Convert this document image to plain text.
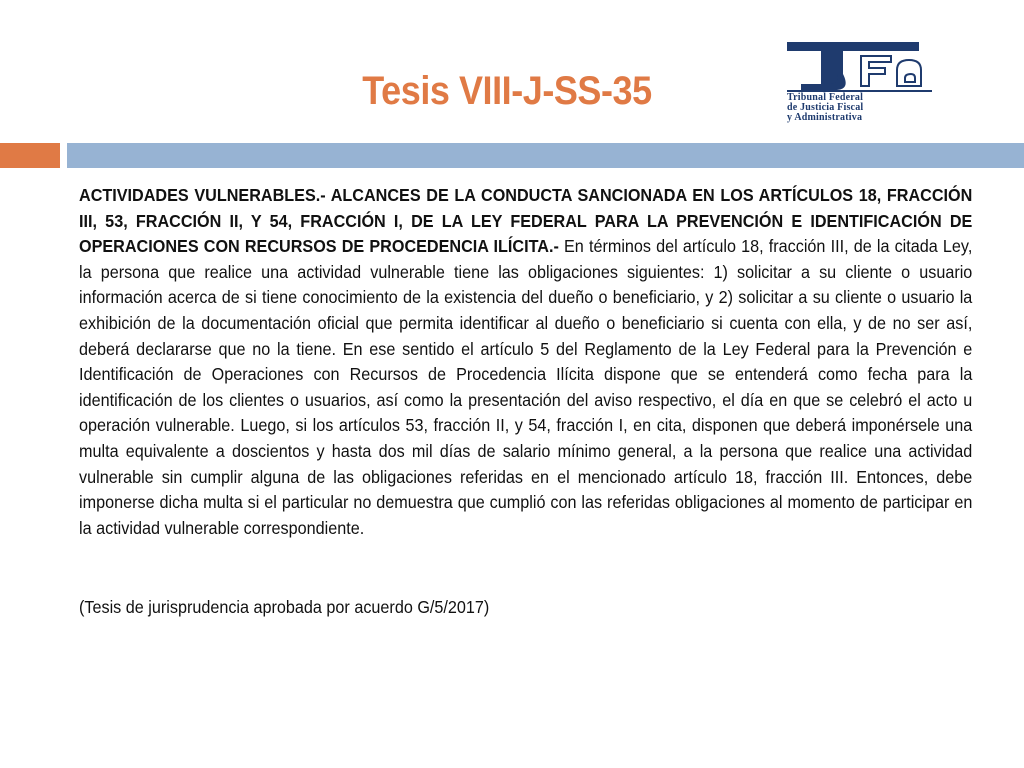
Tesis VIII-J-SS-35	Tribunal Federal
de Justicia Fiscal
y Administrativa

ACTIVIDADES VULNERABLES.- ALCANCES DE LA CONDUCTA SANCIONADA EN LOS ARTÍCULOS 18, FRACCIÓN III, 53, FRACCIÓN II, Y 54, FRACCIÓN I, DE LA LEY FEDERAL PARA LA PREVENCIÓN E IDENTIFICACIÓN DE OPERACIONES CON RECURSOS DE PROCEDENCIA ILÍCITA.- En términos del artículo 18, fracción III, de la citada Ley, la persona que realice una actividad vulnerable tiene las obligaciones siguientes: 1) solicitar a su cliente o usuario información acerca de si tiene conocimiento de la existencia del dueño o beneficiario, y 2) solicitar a su cliente o usuario la exhibición de la documentación oficial que permita identificar al dueño o beneficiario si cuenta con ella, y de no ser así, deberá declararse que no la tiene. En ese sentido el artículo 5 del Reglamento de la Ley Federal para la Prevención e Identificación de Operaciones con Recursos de Procedencia Ilícita dispone que se entenderá como fecha para la identificación de los clientes o usuarios, así como la presentación del aviso respectivo, el día en que se celebró el acto u operación vulnerable. Luego, si los artículos 53, fracción II, y 54, fracción I, en cita, disponen que deberá imponérsele una multa equivalente a doscientos y hasta dos mil días de salario mínimo general, a la persona que realice una actividad vulnerable sin cumplir alguna de las obligaciones referidas en el mencionado artículo 18, fracción III. Entonces, debe imponerse dicha multa si el particular no demuestra que cumplió con las referidas obligaciones al momento de participar en la actividad vulnerable correspondiente.

(Tesis de jurisprudencia aprobada por acuerdo G/5/2017)
